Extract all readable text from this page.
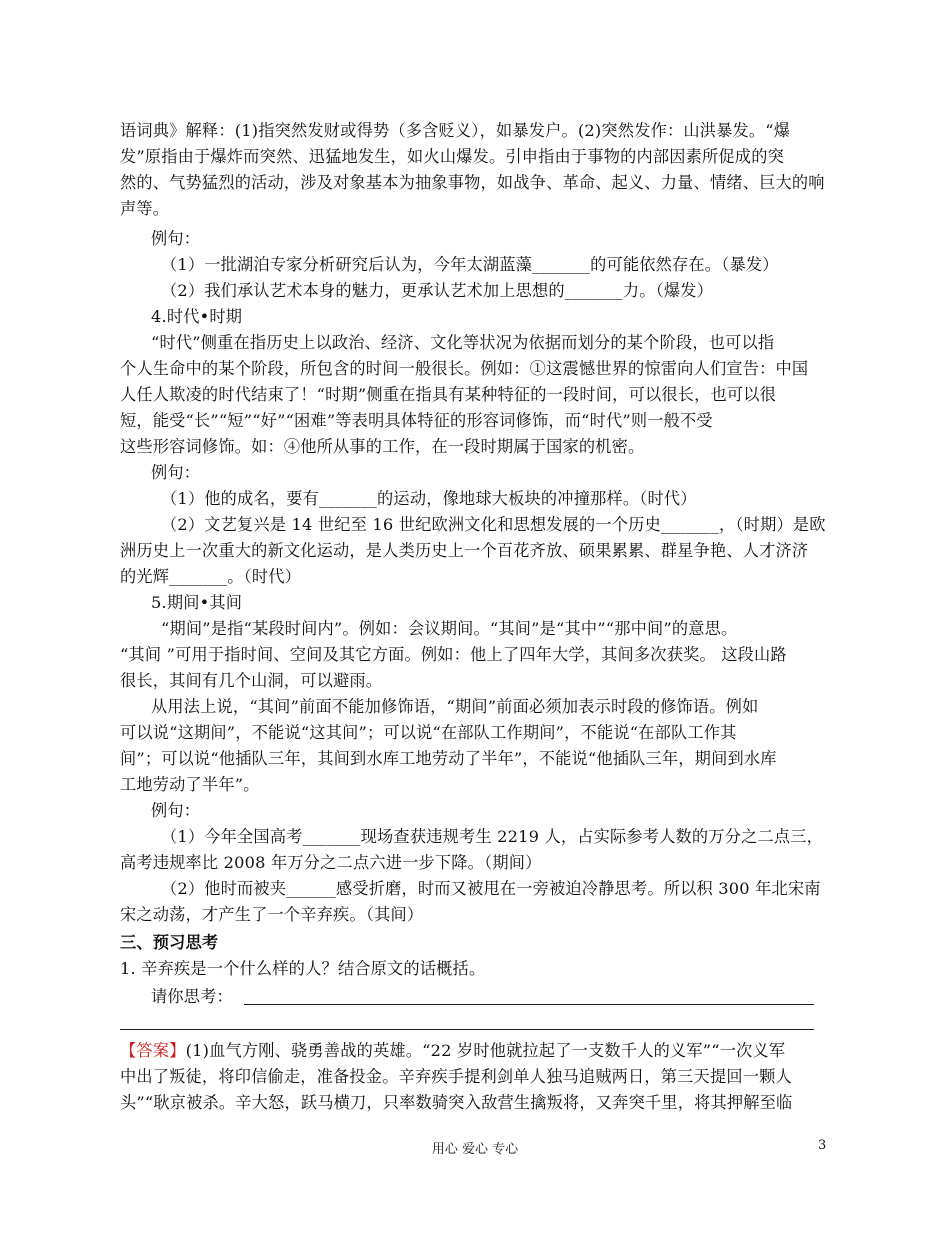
语词典》解释：(1)指突然发财或得势（多含贬义），如暴发户。(2)突然发作：山洪暴发。“爆
发”原指由于爆炸而突然、迅猛地发生，如火山爆发。引申指由于事物的内部因素所促成的突
然的、气势猛烈的活动，涉及对象基本为抽象事物，如战争、革命、起义、力量、情绪、巨大的响
声等。
例句：
（1）一批湖泊专家分析研究后认为，今年太湖蓝藻_______的可能依然存在。（暴发）
（2）我们承认艺术本身的魅力，更承认艺术加上思想的_______力。（爆发）
4.时代•时期
“时代”侧重在指历史上以政治、经济、文化等状况为依据而划分的某个阶段，也可以指
个人生命中的某个阶段，所包含的时间一般很长。例如：①这震憾世界的惊雷向人们宣告：中国
人任人欺凌的时代结束了！“时期”侧重在指具有某种特征的一段时间，可以很长，也可以很
短，能受“长”“短”“好”“困难”等表明具体特征的形容词修饰，而“时代”则一般不受
这些形容词修饰。如：④他所从事的工作，在一段时期属于国家的机密。
例句：
（1）他的成名，要有_______的运动，像地球大板块的冲撞那样。（时代）
（2）文艺复兴是 14 世纪至 16 世纪欧洲文化和思想发展的一个历史_______，（时期）是欧
洲历史上一次重大的新文化运动，是人类历史上一个百花齐放、硕果累累、群星争艳、人才济济
的光辉_______。（时代）
5.期间•其间
“期间”是指“某段时间内”。例如：会议期间。“其间”是“其中”“那中间”的意思。
“其间 ”可用于指时间、空间及其它方面。例如：他上了四年大学，其间多次获奖。 这段山路
很长，其间有几个山洞，可以避雨。
从用法上说，“其间”前面不能加修饰语，“期间”前面必须加表示时段的修饰语。例如
可以说“这期间”，不能说“这其间”；可以说“在部队工作期间”，不能说“在部队工作其
间”；可以说“他插队三年，其间到水库工地劳动了半年”，不能说“他插队三年，期间到水库
工地劳动了半年”。
例句：
（1）今年全国高考_______现场查获违规考生 2219 人，占实际参考人数的万分之二点三，
高考违规率比 2008 年万分之二点六进一步下降。（期间）
（2）他时而被夹______感受折磨，时而又被甩在一旁被迫冷静思考。所以积 300 年北宋南
宋之动荡，才产生了一个辛弃疾。（其间）
三、预习思考
1. 辛弃疾是一个什么样的人？结合原文的话概括。
请你思考：
【答案】(1)血气方刚、骁勇善战的英雄。“22 岁时他就拉起了一支数千人的义军”“一次义军
中出了叛徒，将印信偷走，准备投金。辛弃疾手提利剑单人独马追贼两日，第三天提回一颗人
头”“耿京被杀。辛大怒，跃马横刀，只率数骑突入敌营生擒叛将，又奔突千里，将其押解至临
用心 爱心 专心	3
